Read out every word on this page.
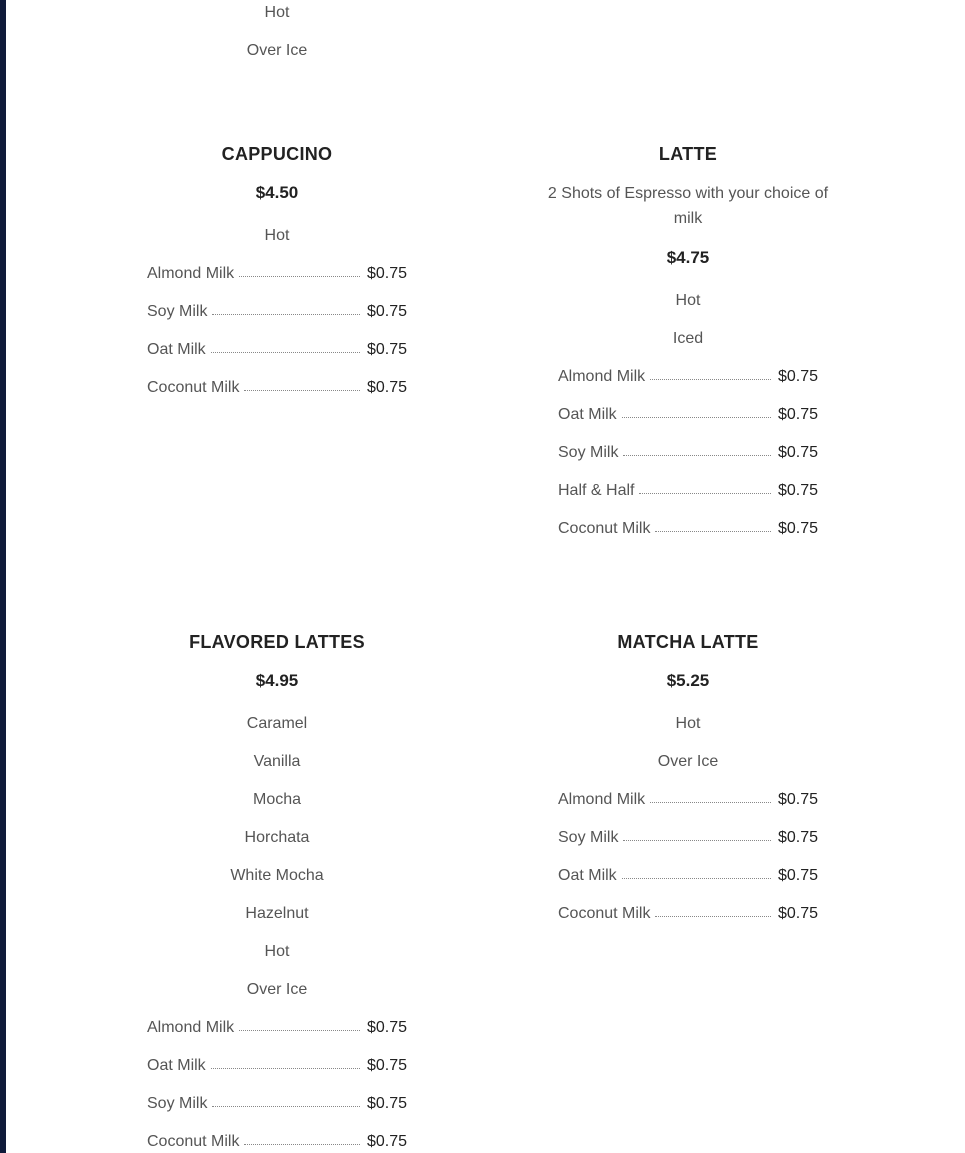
Hot
Over Ice
CAPPUCINO
$4.50
Hot
Almond Milk	$0.75
Soy Milk	$0.75
Oat Milk	$0.75
Coconut Milk	$0.75
LATTE
2 Shots of Espresso with your choice of milk
$4.75
Hot
Iced
Almond Milk	$0.75
Oat Milk	$0.75
Soy Milk	$0.75
Half & Half	$0.75
Coconut Milk	$0.75
FLAVORED LATTES
$4.95
Caramel
Vanilla
Mocha
Horchata
White Mocha
Hazelnut
Hot
Over Ice
Almond Milk	$0.75
Oat Milk	$0.75
Soy Milk	$0.75
Coconut Milk	$0.75
MATCHA LATTE
$5.25
Hot
Over Ice
Almond Milk	$0.75
Soy Milk	$0.75
Oat Milk	$0.75
Coconut Milk	$0.75
